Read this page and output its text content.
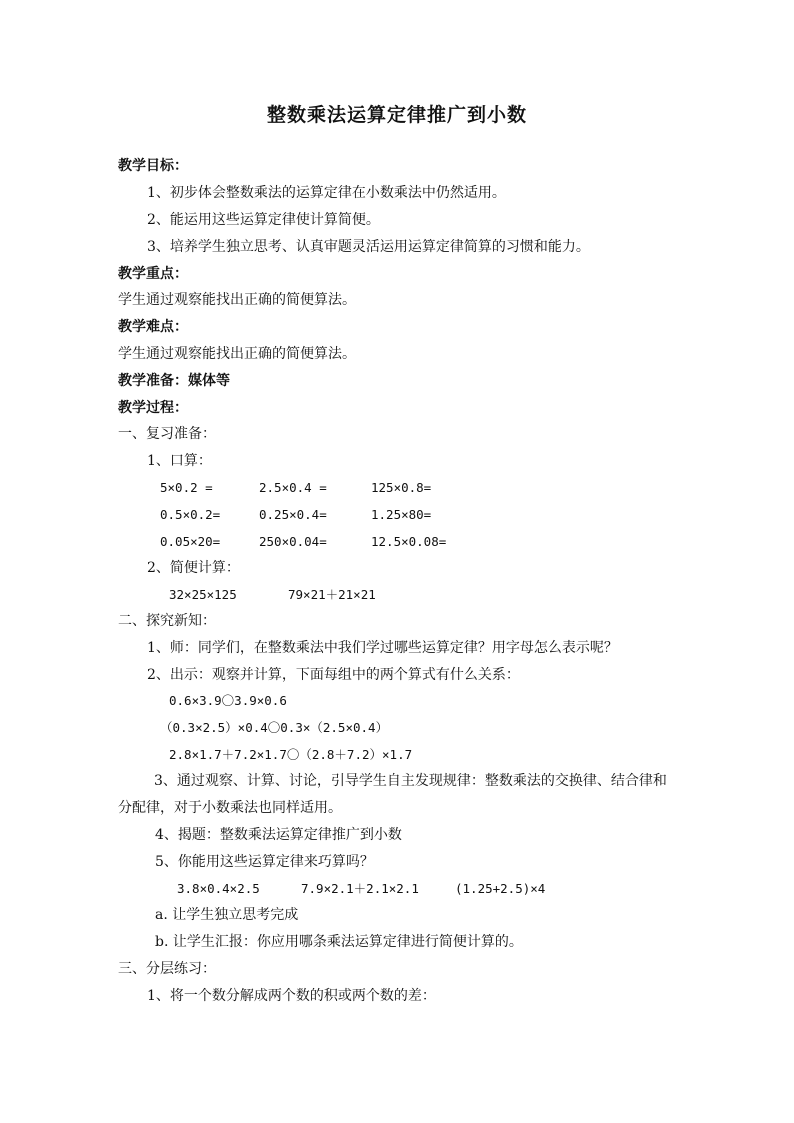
整数乘法运算定律推广到小数
教学目标：
1、初步体会整数乘法的运算定律在小数乘法中仍然适用。
2、能运用这些运算定律使计算简便。
3、培养学生独立思考、认真审题灵活运用运算定律简算的习惯和能力。
教学重点：
学生通过观察能找出正确的简便算法。
教学难点：
学生通过观察能找出正确的简便算法。
教学准备：媒体等
教学过程：
一、复习准备：
1、口算：
5×0.2 =	2.5×0.4 =	125×0.8=
0.5×0.2=	0.25×0.4=	1.25×80=
0.05×20=	250×0.04=	12.5×0.08=
2、简便计算：
32×25×125	79×21＋21×21
二、探究新知：
1、师：同学们，在整数乘法中我们学过哪些运算定律？用字母怎么表示呢？
2、出示：观察并计算，下面每组中的两个算式有什么关系：
0.6×3.9〇3.9×0.6
（0.3×2.5）×0.4〇0.3×（2.5×0.4）
2.8×1.7＋7.2×1.7〇（2.8＋7.2）×1.7
3、通过观察、计算、讨论，引导学生自主发现规律：整数乘法的交换律、结合律和分配律，对于小数乘法也同样适用。
4、揭题：整数乘法运算定律推广到小数
5、你能用这些运算定律来巧算吗？
3.8×0.4×2.5	7.9×2.1＋2.1×2.1	(1.25+2.5)×4
a. 让学生独立思考完成
b. 让学生汇报：你应用哪条乘法运算定律进行简便计算的。
三、分层练习：
1、将一个数分解成两个数的积或两个数的差：
